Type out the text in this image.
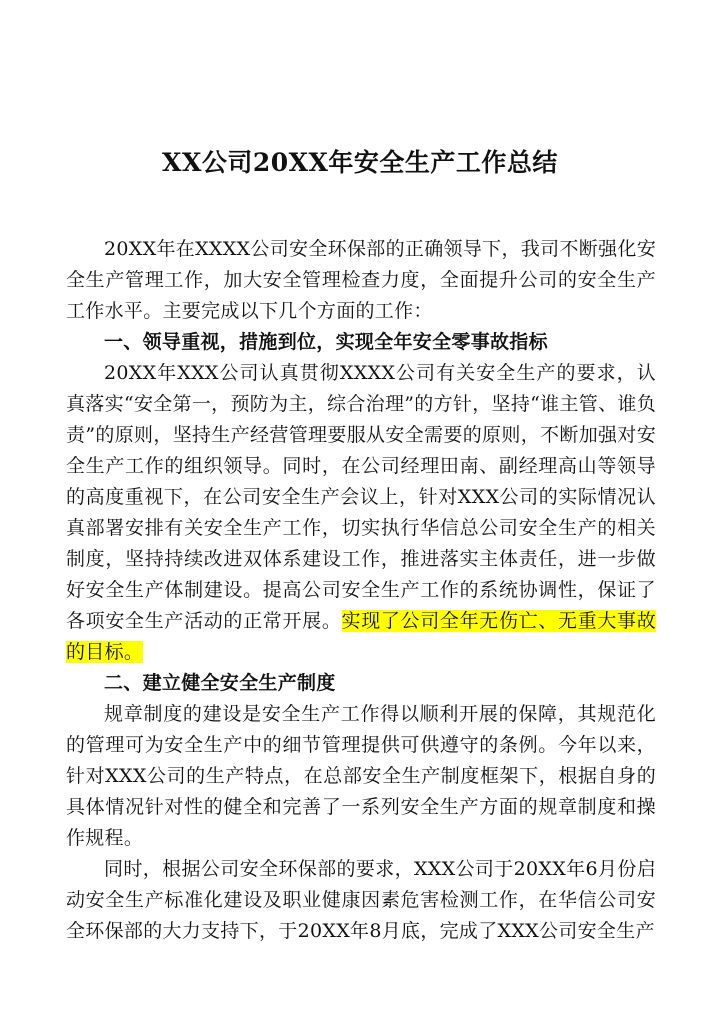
XX公司20XX年安全生产工作总结

20XX年在XXXX公司安全环保部的正确领导下，我司不断强化安全生产管理工作，加大安全管理检查力度，全面提升公司的安全生产工作水平。主要完成以下几个方面的工作：

一、领导重视，措施到位，实现全年安全零事故指标

20XX年XXX公司认真贯彻XXXX公司有关安全生产的要求，认真落实“安全第一，预防为主，综合治理”的方针，坚持“谁主管、谁负责”的原则，坚持生产经营管理要服从安全需要的原则，不断加强对安全生产工作的组织领导。同时，在公司经理田南、副经理高山等领导的高度重视下，在公司安全生产会议上，针对XXX公司的实际情况认真部署安排有关安全生产工作，切实执行华信总公司安全生产的相关制度，坚持持续改进双体系建设工作，推进落实主体责任，进一步做好安全生产体制建设。提高公司安全生产工作的系统协调性，保证了各项安全生产活动的正常开展。实现了公司全年无伤亡、无重大事故的目标。

二、建立健全安全生产制度

规章制度的建设是安全生产工作得以顺利开展的保障，其规范化的管理可为安全生产中的细节管理提供可供遵守的条例。今年以来，针对XXX公司的生产特点，在总部安全生产制度框架下，根据自身的具体情况针对性的健全和完善了一系列安全生产方面的规章制度和操作规程。

同时，根据公司安全环保部的要求，XXX公司于20XX年6月份启动安全生产标准化建设及职业健康因素危害检测工作，在华信公司安全环保部的大力支持下，于20XX年8月底，完成了XXX公司安全生产
